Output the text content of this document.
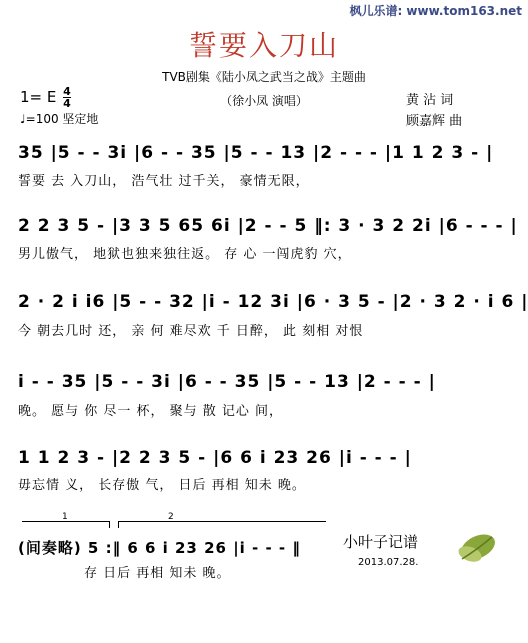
枫儿乐谱: www.tom163.net
誓要入刀山
TVB剧集《陆小凤之武当之战》主题曲
（徐小凤 演唱）
1= E $\frac{4}{4}$
♩=100 坚定地
黄 沾 词
顾嘉辉 曲
35 |5 - - 3i |6 - - 35 |5 - - 13 |2 - - - |1 1 2 3 - |
誓要 去 入刀山， 浩气壮 过千关， 豪情无限，
2 2 3 5 - |3 3 5 65 6i |2 - - 5 ‖: 3 · 3 2 2i |6 - - - |
男儿傲气， 地狱也独来独往返。 存 心 一闯虎豹 穴，
2 · 2 i i6 |5 - - 32 |i - 12 3i |6 · 3 5 - |2 · 3 2 · i 6 |
今 朝去几时 还， 亲 何 难尽欢 千 日醉， 此 刻相 对恨
i - - 35 |5 - - 3i |6 - - 35 |5 - - 13 |2 - - - |
晚。 愿与 你 尽一 杯， 聚与 散 记心 间，
1 1 2 3 - |2 2 3 5 - |6 6 i 23 26 |i - - - |
毋忘情 义， 长存傲 气， 日后 再相 知未 晚。
1	2
(间奏略) 5 :‖ 6 6 i 23 26 |i - - - ‖
存 日后 再相 知未 晚。
小叶子记谱
2013.07.28.
